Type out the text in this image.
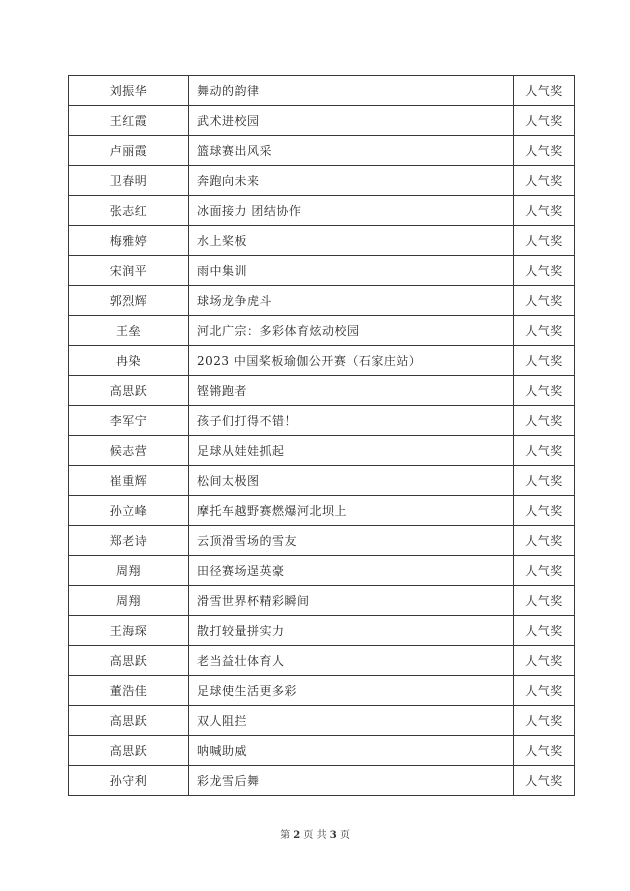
刘振华	舞动的韵律	人气奖
王红霞	武术进校园	人气奖
卢丽霞	篮球赛出风采	人气奖
卫春明	奔跑向未来	人气奖
张志红	冰面接力 团结协作	人气奖
梅雅婷	水上桨板	人气奖
宋润平	雨中集训	人气奖
郭烈辉	球场龙争虎斗	人气奖
王垒	河北广宗：多彩体育炫动校园	人气奖
冉染	2023 中国桨板瑜伽公开赛（石家庄站）	人气奖
高思跃	铿锵跑者	人气奖
李军宁	孩子们打得不错！	人气奖
候志营	足球从娃娃抓起	人气奖
崔重辉	松间太极图	人气奖
孙立峰	摩托车越野赛燃爆河北坝上	人气奖
郑老诗	云顶滑雪场的雪友	人气奖
周翔	田径赛场逞英豪	人气奖
周翔	滑雪世界杯精彩瞬间	人气奖
王海琛	散打较量拼实力	人气奖
高思跃	老当益壮体育人	人气奖
董浩佳	足球使生活更多彩	人气奖
高思跃	双人阻拦	人气奖
高思跃	呐喊助威	人气奖
孙守利	彩龙雪后舞	人气奖
第 2 页 共 3 页
